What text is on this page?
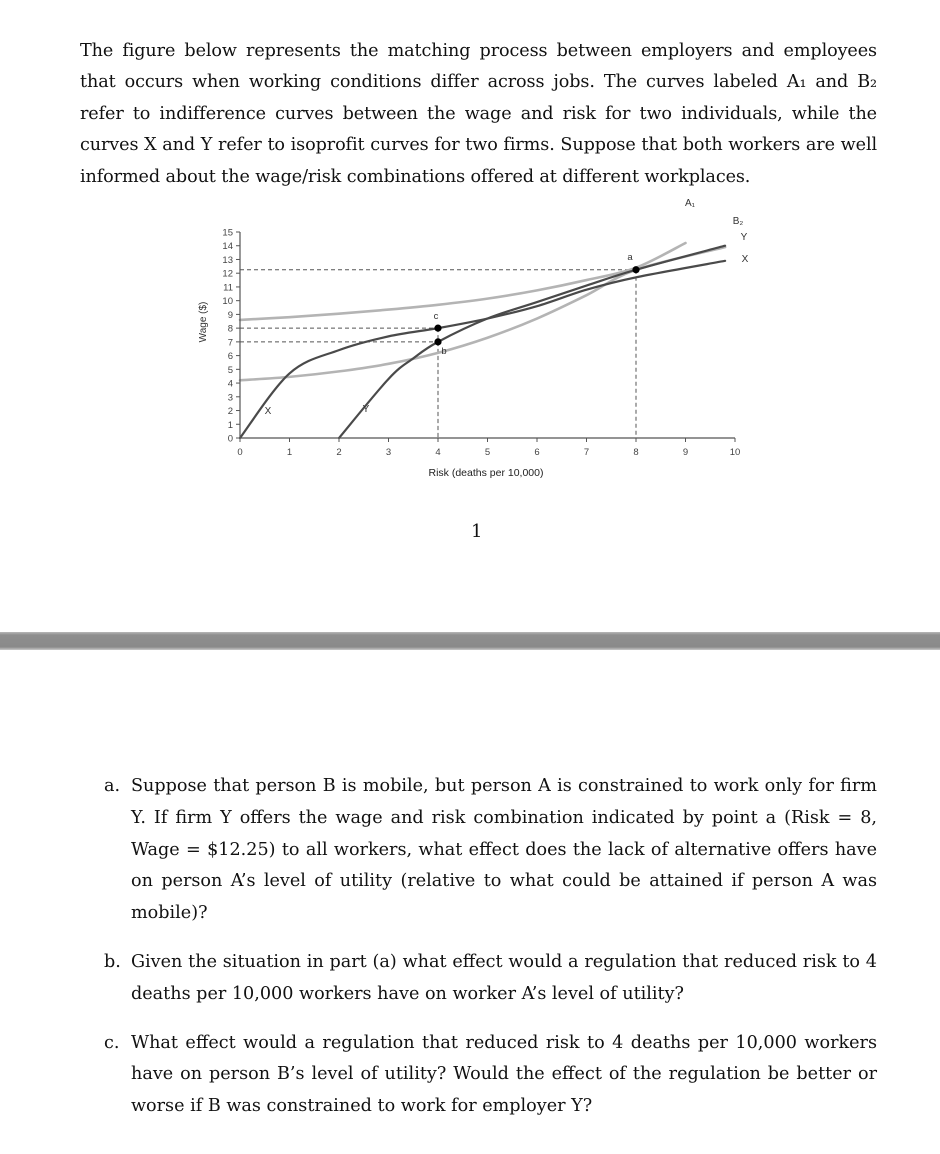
The figure below represents the matching process between employers and employees that occurs when working conditions differ across jobs. The curves labeled A₁ and B₂ refer to indifference curves between the wage and risk for two individuals, while the curves X and Y refer to isoprofit curves for two firms. Suppose that both workers are well informed about the wage/risk combinations offered at different workplaces.

0
1
2
3
4
5
6
7
8
9
10
11
12
13
14
15
0	1	2	3	4	5	6	7	8	9	10
a
b
c
Wage ($)
Risk (deaths per 10,000)
A₁
B₂
Y
X
X	Y
1
a. Suppose that person B is mobile, but person A is constrained to work only for firm Y. If firm Y offers the wage and risk combination indicated by point a (Risk = 8, Wage = $12.25) to all workers, what effect does the lack of alternative offers have on person A’s level of utility (relative to what could be attained if person A was mobile)?
b. Given the situation in part (a) what effect would a regulation that reduced risk to 4 deaths per 10,000 workers have on worker A’s level of utility?
c. What effect would a regulation that reduced risk to 4 deaths per 10,000 workers have on person B’s level of utility? Would the effect of the regulation be better or worse if B was constrained to work for employer Y?
